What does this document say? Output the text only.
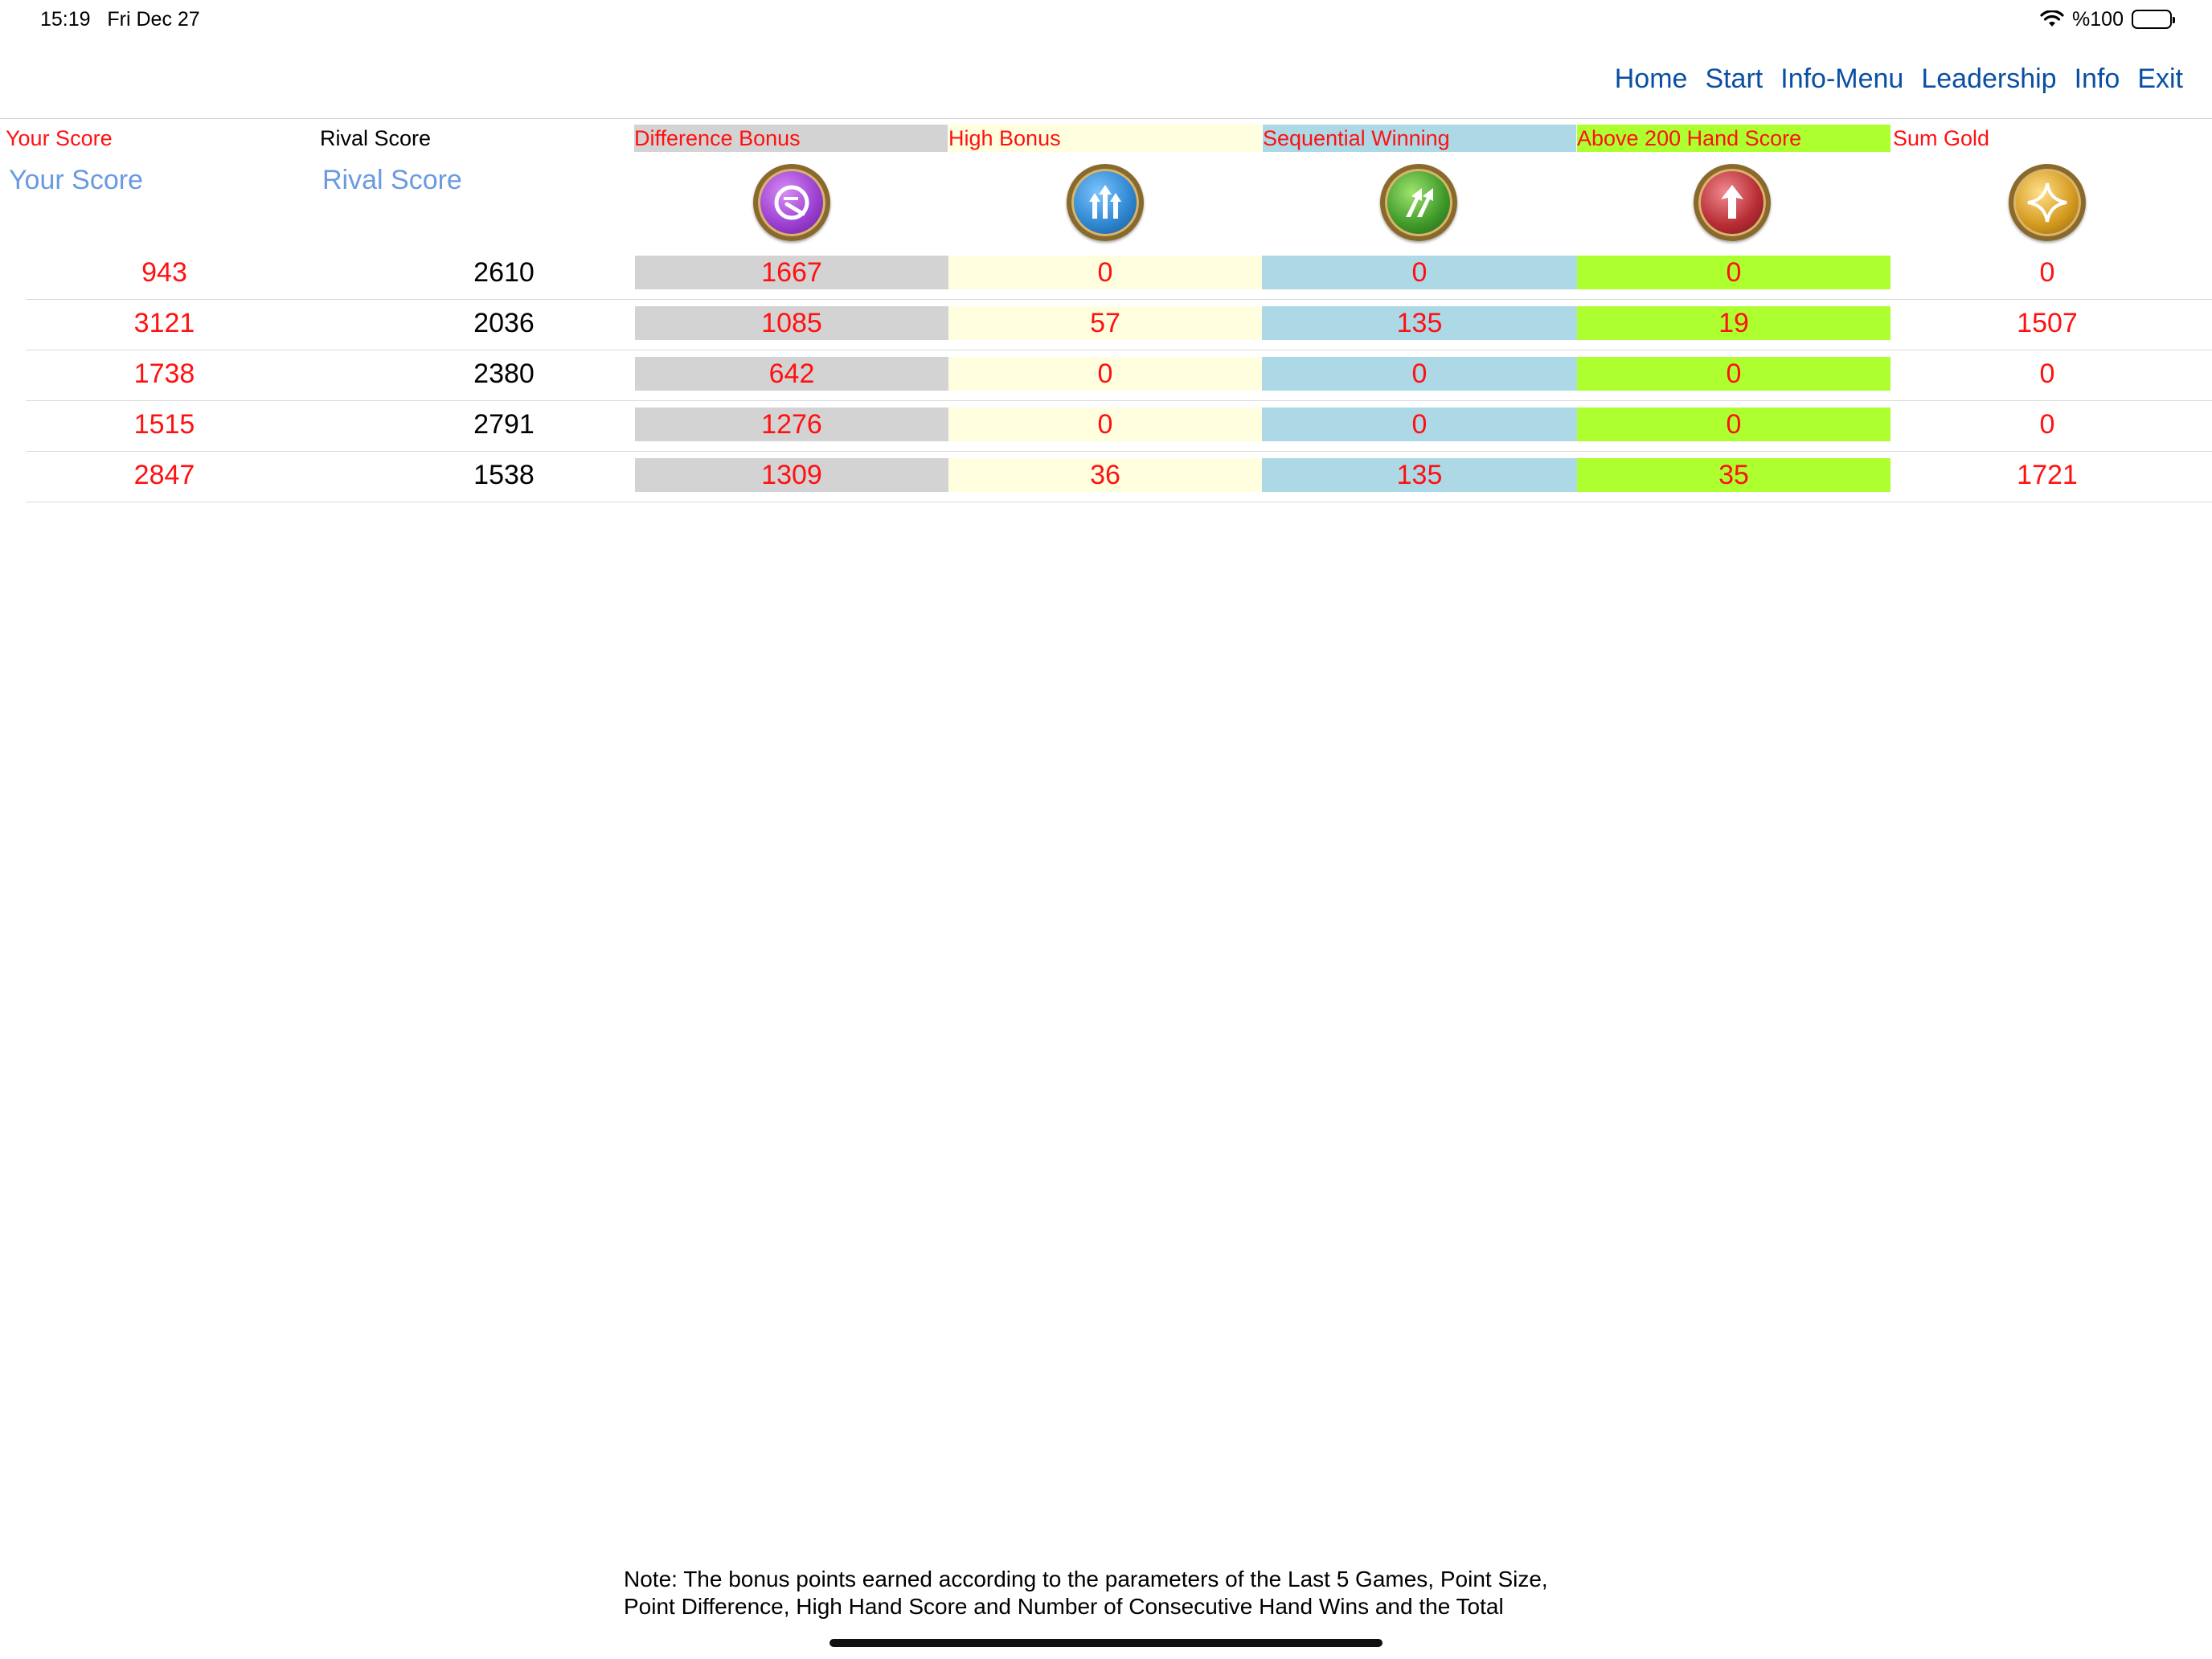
15:19 Fri Dec 27	%100
Home Start Info-Menu Leadership Info Exit
Your Score	Rival Score	Difference Bonus	High Bonus	Sequential Winning	Above 200 Hand Score	Sum Gold
Your Score	Rival Score
943	2610	1667	0	0	0	0
3121	2036	1085	57	135	19	1507
1738	2380	642	0	0	0	0
1515	2791	1276	0	0	0	0
2847	1538	1309	36	135	35	1721
Note: The bonus points earned according to the parameters of the Last 5 Games, Point Size,
Point Difference, High Hand Score and Number of Consecutive Hand Wins and the Total
